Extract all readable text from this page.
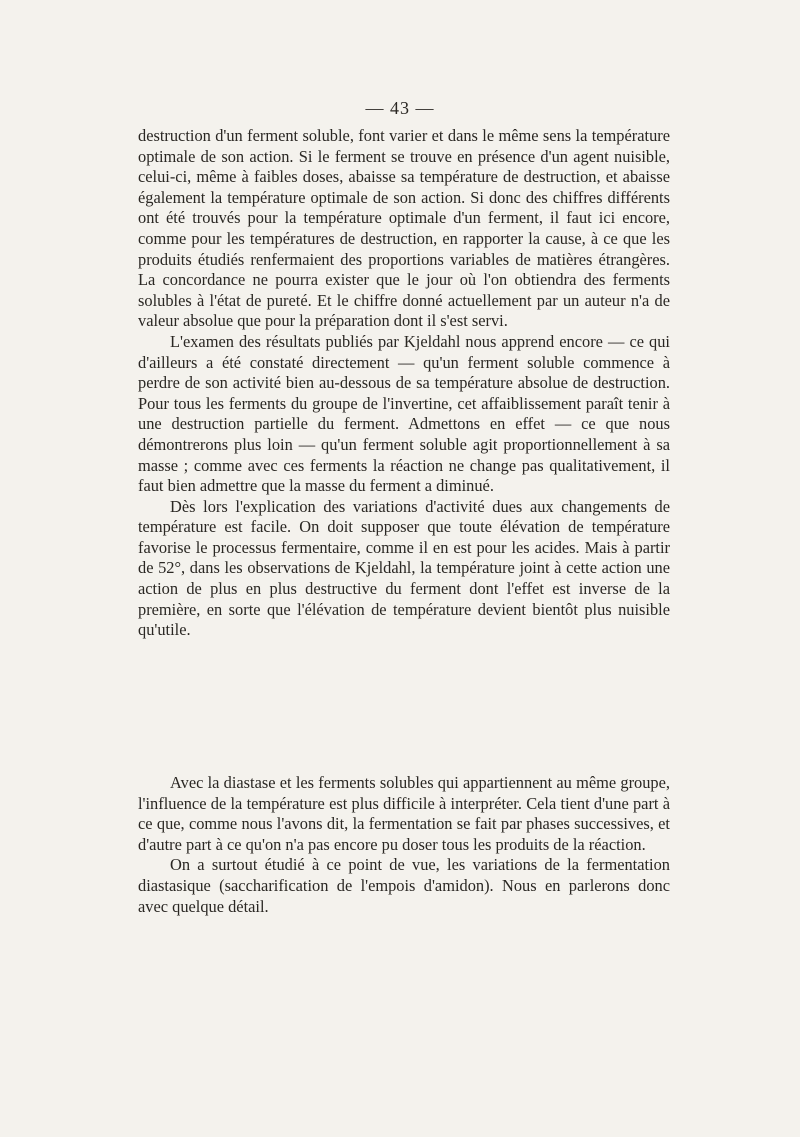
— 43 —

destruction d'un ferment soluble, font varier et dans le même sens la température optimale de son action. Si le ferment se trouve en présence d'un agent nuisible, celui-ci, même à faibles doses, abaisse sa température de destruction, et abaisse également la température optimale de son action. Si donc des chiffres différents ont été trouvés pour la température optimale d'un ferment, il faut ici encore, comme pour les températures de destruction, en rapporter la cause, à ce que les produits étudiés renfermaient des proportions variables de matières étrangères. La concordance ne pourra exister que le jour où l'on obtiendra des ferments solubles à l'état de pureté. Et le chiffre donné actuellement par un auteur n'a de valeur absolue que pour la préparation dont il s'est servi.

L'examen des résultats publiés par Kjeldahl nous apprend encore — ce qui d'ailleurs a été constaté directement — qu'un ferment soluble commence à perdre de son activité bien au-dessous de sa température absolue de destruction. Pour tous les ferments du groupe de l'invertine, cet affaiblissement paraît tenir à une destruction partielle du ferment. Admettons en effet — ce que nous démontrerons plus loin — qu'un ferment soluble agit proportionnellement à sa masse ; comme avec ces ferments la réaction ne change pas qualitativement, il faut bien admettre que la masse du ferment a diminué.

Dès lors l'explication des variations d'activité dues aux changements de température est facile. On doit supposer que toute élévation de température favorise le processus fermentaire, comme il en est pour les acides. Mais à partir de 52°, dans les observations de Kjeldahl, la température joint à cette action une action de plus en plus destructive du ferment dont l'effet est inverse de la première, en sorte que l'élévation de température devient bientôt plus nuisible qu'utile.

Avec la diastase et les ferments solubles qui appartiennent au même groupe, l'influence de la température est plus difficile à interpréter. Cela tient d'une part à ce que, comme nous l'avons dit, la fermentation se fait par phases successives, et d'autre part à ce qu'on n'a pas encore pu doser tous les produits de la réaction.

On a surtout étudié à ce point de vue, les variations de la fermentation diastasique (saccharification de l'empois d'amidon). Nous en parlerons donc avec quelque détail.
